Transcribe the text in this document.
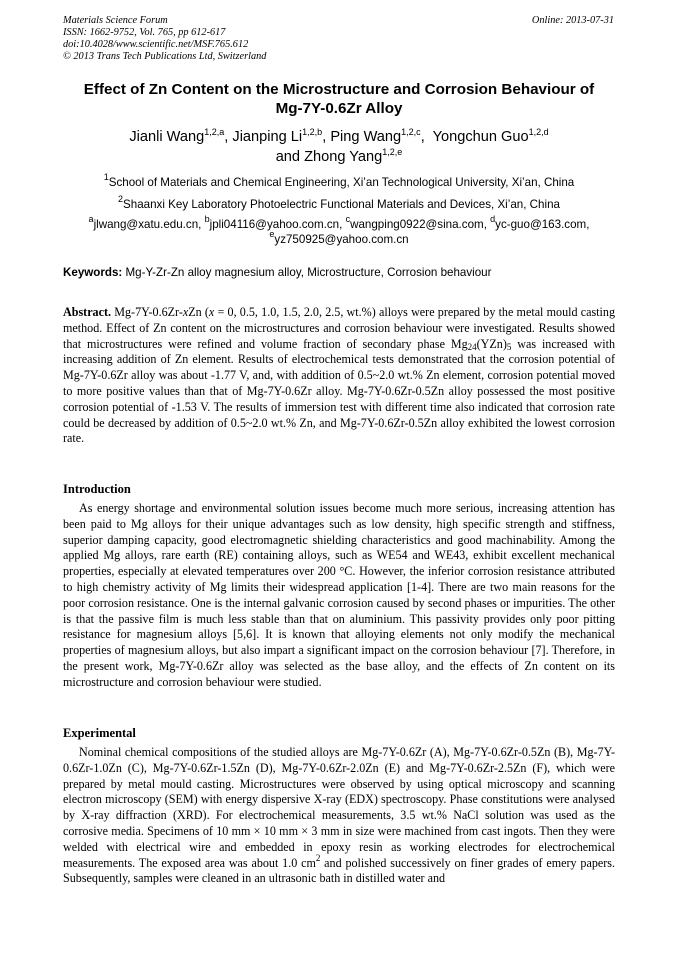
Materials Science Forum
ISSN: 1662-9752, Vol. 765, pp 612-617
doi:10.4028/www.scientific.net/MSF.765.612
© 2013 Trans Tech Publications Ltd, Switzerland
Online: 2013-07-31
Effect of Zn Content on the Microstructure and Corrosion Behaviour of
Mg-7Y-0.6Zr Alloy
Jianli Wang$^{1,2,a}$, Jianping Li$^{1,2,b}$, Ping Wang$^{1,2,c}$,  Yongchun Guo$^{1,2,d}$
and Zhong Yang$^{1,2,e}$
$^1$School of Materials and Chemical Engineering, Xi’an Technological University, Xi’an, China
$^2$Shaanxi Key Laboratory Photoelectric Functional Materials and Devices, Xi’an, China
$^a$jlwang@xatu.edu.cn, $^b$jpli04116@yahoo.com.cn, $^c$wangping0922@sina.com, $^d$yc-guo@163.com,
$^e$yz750925@yahoo.com.cn
Keywords: Mg-Y-Zr-Zn alloy magnesium alloy, Microstructure, Corrosion behaviour

Abstract. Mg-7Y-0.6Zr-xZn (x = 0, 0.5, 1.0, 1.5, 2.0, 2.5, wt.%) alloys were prepared by the metal mould casting method. Effect of Zn content on the microstructures and corrosion behaviour were investigated. Results showed that microstructures were refined and volume fraction of secondary phase $Mg_{24}(YZn)_5$ was increased with increasing addition of Zn element. Results of electrochemical tests demonstrated that the corrosion potential of Mg-7Y-0.6Zr alloy was about -1.77 V, and, with addition of 0.5~2.0 wt.% Zn element, corrosion potential moved to more positive values than that of Mg-7Y-0.6Zr alloy. Mg-7Y-0.6Zr-0.5Zn alloy possessed the most positive corrosion potential of -1.53 V. The results of immersion test with different time also indicated that corrosion rate could be decreased by addition of 0.5~2.0 wt.% Zn, and Mg-7Y-0.6Zr-0.5Zn alloy exhibited the lowest corrosion rate.

Introduction

As energy shortage and environmental solution issues become much more serious, increasing attention has been paid to Mg alloys for their unique advantages such as low density, high specific strength and stiffness, superior damping capacity, good electromagnetic shielding characteristics and good machinability. Among the applied Mg alloys, rare earth (RE) containing alloys, such as WE54 and WE43, exhibit excellent mechanical properties, especially at elevated temperatures over 200 °C. However, the inferior corrosion resistance attributed to high chemistry activity of Mg limits their widespread application [1-4]. There are two main reasons for the poor corrosion resistance. One is the internal galvanic corrosion caused by second phases or impurities. The other is that the passive film is much less stable than that on aluminium. This passivity provides only poor pitting resistance for magnesium alloys [5,6]. It is known that alloying elements not only modify the mechanical properties of magnesium alloys, but also impart a significant impact on the corrosion behaviour [7]. Therefore, in the present work, Mg-7Y-0.6Zr alloy was selected as the base alloy, and the effects of Zn content on its microstructure and corrosion behaviour were studied.

Experimental

Nominal chemical compositions of the studied alloys are Mg-7Y-0.6Zr (A), Mg-7Y-0.6Zr-0.5Zn (B), Mg-7Y-0.6Zr-1.0Zn (C), Mg-7Y-0.6Zr-1.5Zn (D), Mg-7Y-0.6Zr-2.0Zn (E) and Mg-7Y-0.6Zr-2.5Zn (F), which were prepared by metal mould casting. Microstructures were observed by using optical microscopy and scanning electron microscopy (SEM) with energy dispersive X-ray (EDX) spectroscopy. Phase constitutions were analysed by X-ray diffraction (XRD). For electrochemical measurements, 3.5 wt.% NaCl solution was used as the corrosive media. Specimens of 10 mm × 10 mm × 3 mm in size were machined from cast ingots. Then they were welded with electrical wire and embedded in epoxy resin as working electrodes for electrochemical measurements. The exposed area was about 1.0 $cm^2$ and polished successively on finer grades of emery papers. Subsequently, samples were cleaned in an ultrasonic bath in distilled water and
